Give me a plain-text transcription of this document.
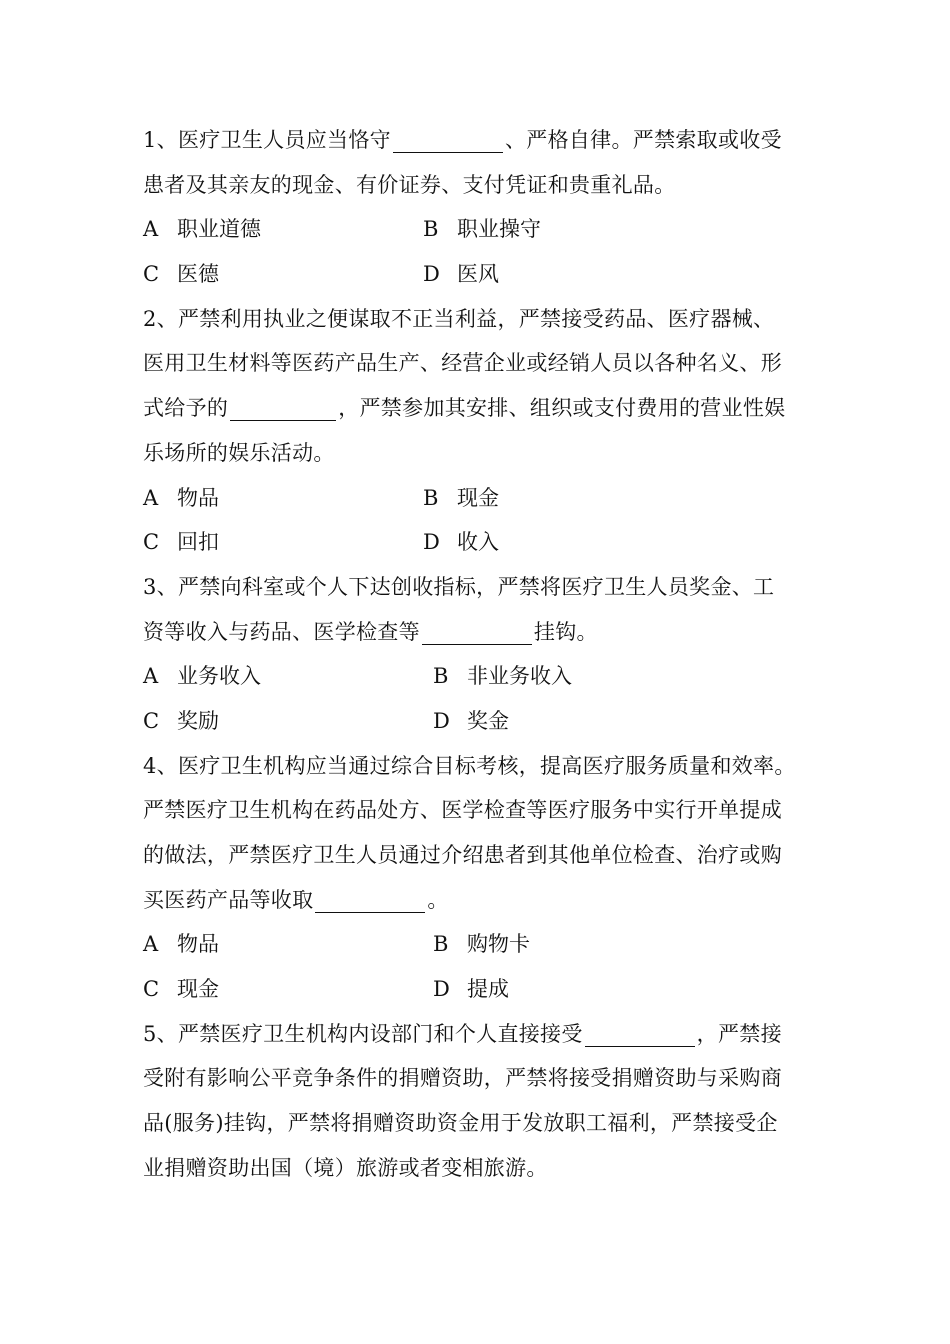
1、医疗卫生人员应当恪守	、严格自律。严禁索取或收受
患者及其亲友的现金、有价证券、支付凭证和贵重礼品。
A 职业道德	B 职业操守
C 医德	D 医风
2、严禁利用执业之便谋取不正当利益，严禁接受药品、医疗器械、
医用卫生材料等医药产品生产、经营企业或经销人员以各种名义、形
式给予的	，严禁参加其安排、组织或支付费用的营业性娱
乐场所的娱乐活动。
A 物品	B 现金
C 回扣	D 收入
3、严禁向科室或个人下达创收指标，严禁将医疗卫生人员奖金、工
资等收入与药品、医学检查等	挂钩。
A 业务收入	B 非业务收入
C 奖励	D 奖金
4、医疗卫生机构应当通过综合目标考核，提高医疗服务质量和效率。
严禁医疗卫生机构在药品处方、医学检查等医疗服务中实行开单提成
的做法，严禁医疗卫生人员通过介绍患者到其他单位检查、治疗或购
买医药产品等收取	。
A 物品	B 购物卡
C 现金	D 提成
5、严禁医疗卫生机构内设部门和个人直接接受	，严禁接
受附有影响公平竞争条件的捐赠资助，严禁将接受捐赠资助与采购商
品(服务)挂钩，严禁将捐赠资助资金用于发放职工福利，严禁接受企
业捐赠资助出国（境）旅游或者变相旅游。
